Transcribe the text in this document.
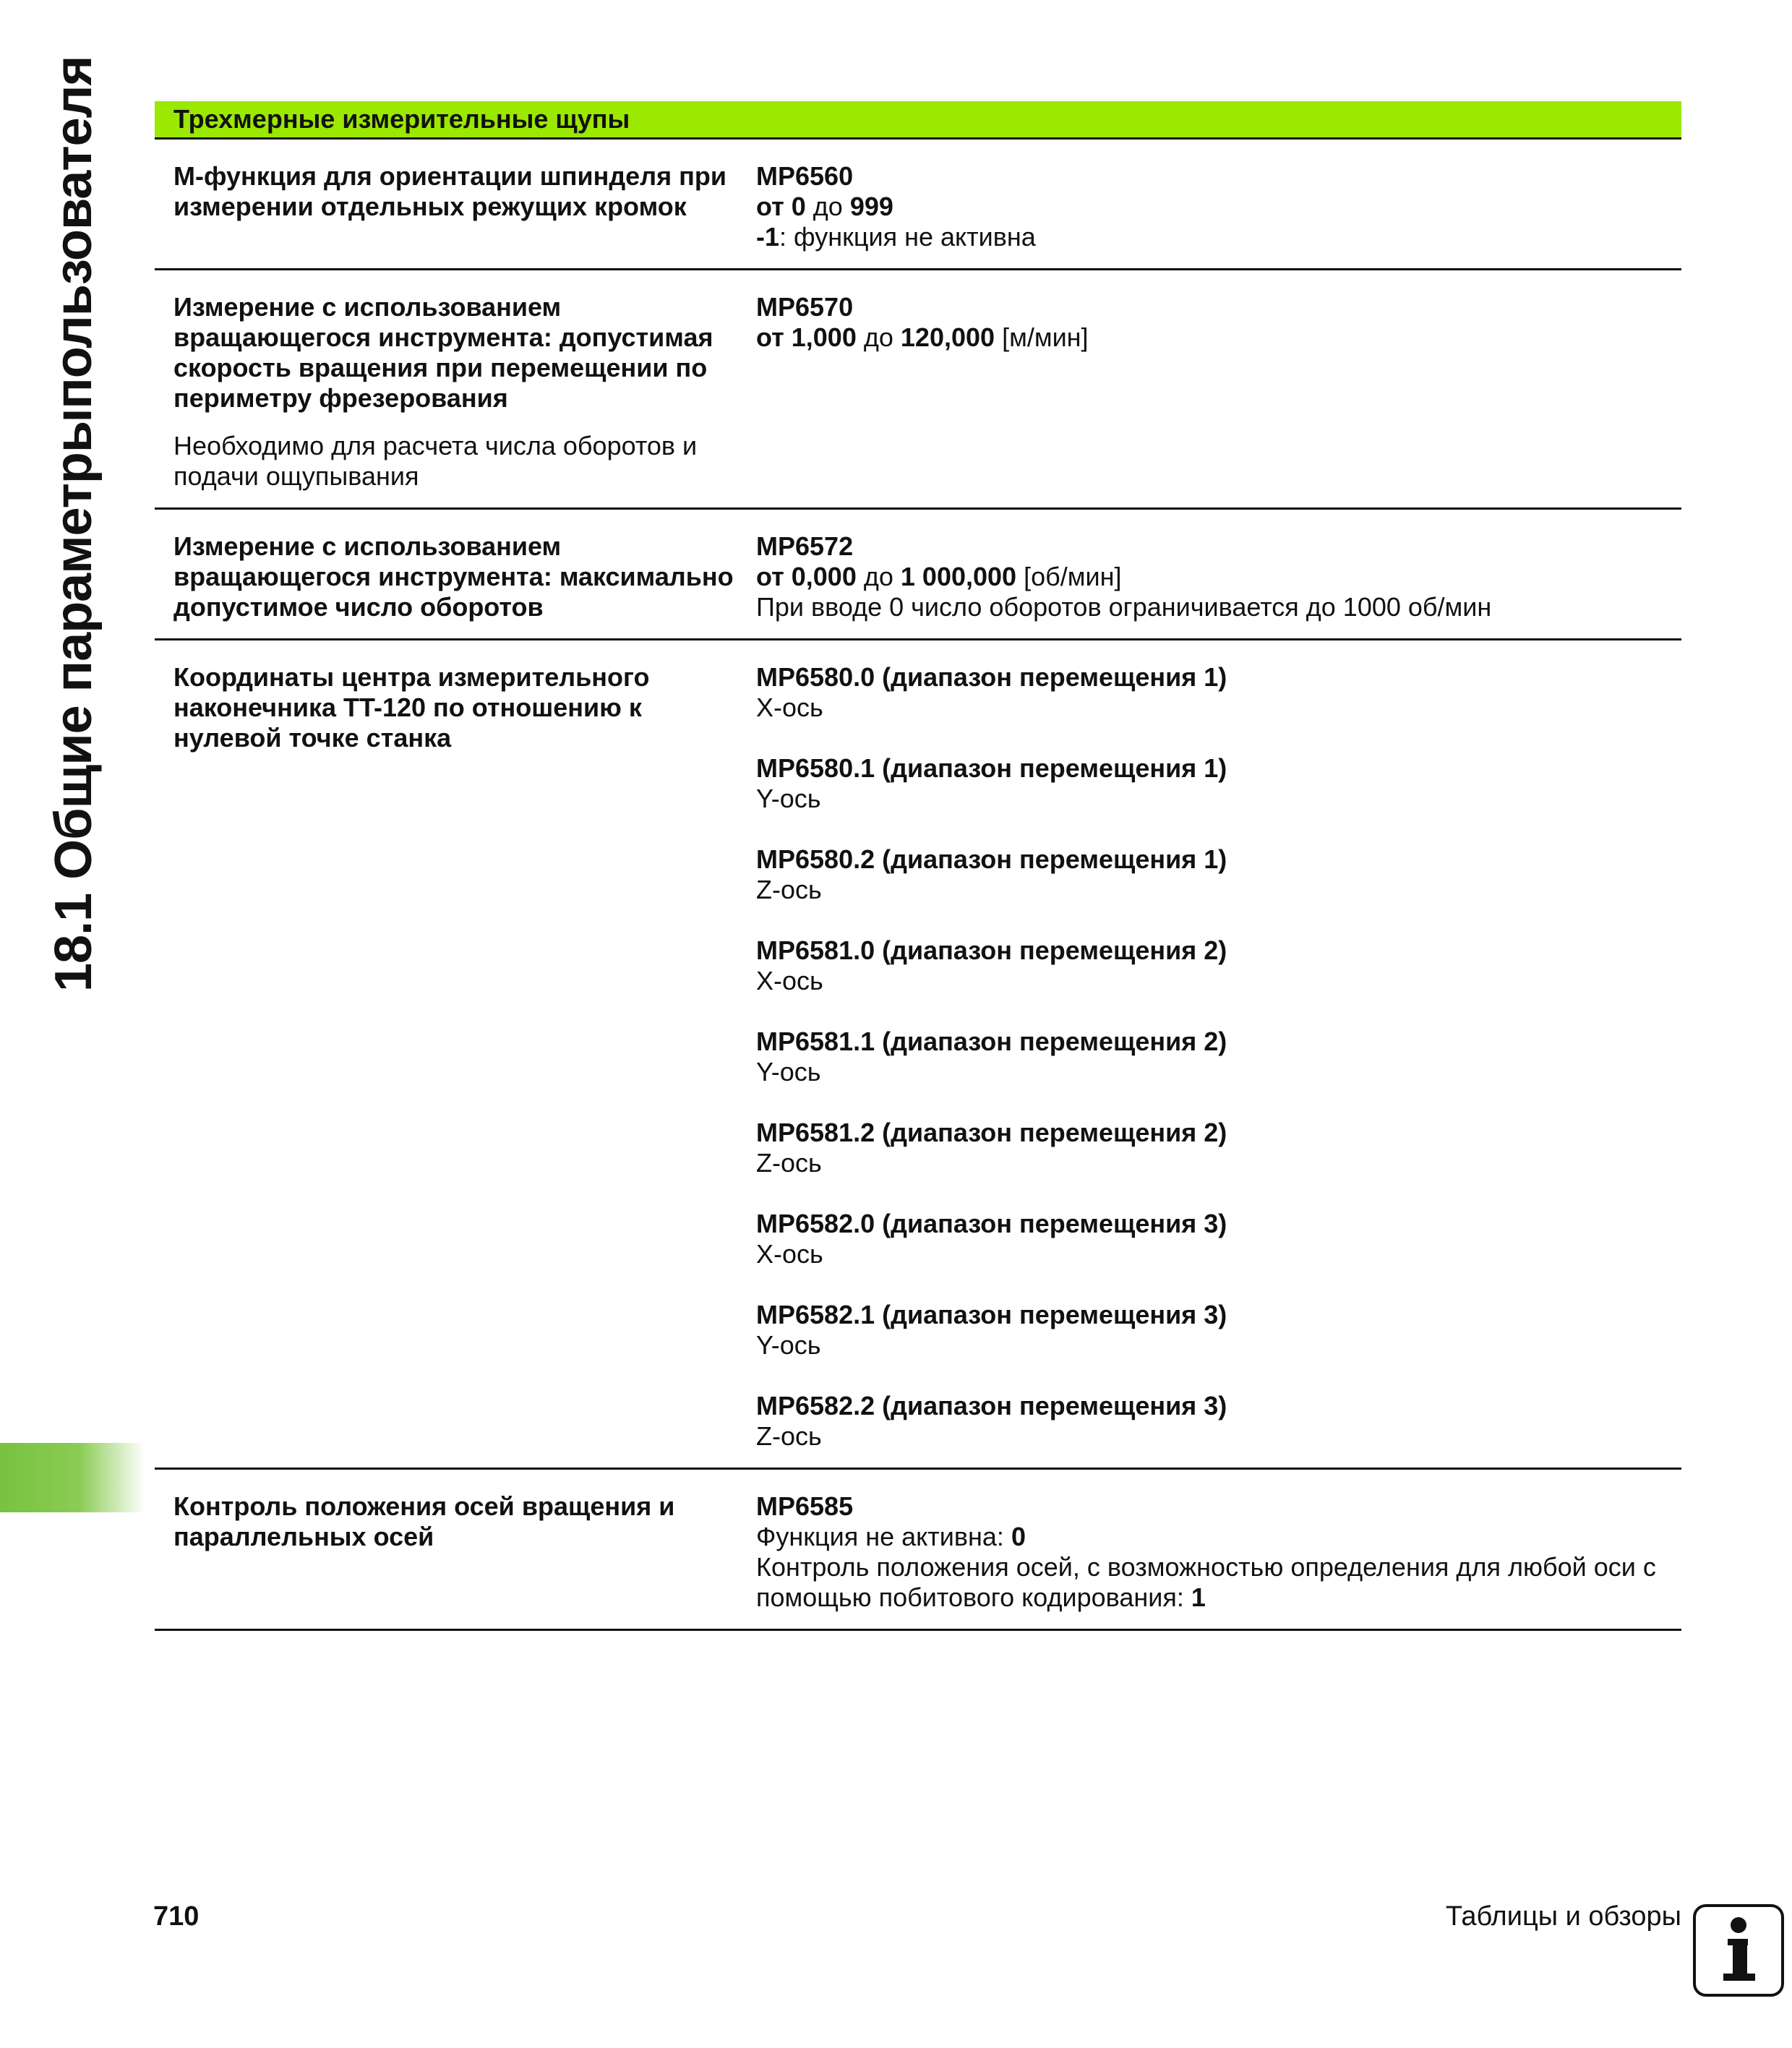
18.1 Общие параметрыпользователя	Трехмерные измерительные щупы
М-функция для ориентации шпинделя при измерении отдельных режущих кромок
MP6560
от 0 до 999
-1: функция не активна
Измерение с использованием вращающегося инструмента: допустимая скорость вращения при перемещении по периметру фрезерования
Необходимо для расчета числа оборотов и подачи ощупывания
MP6570
от 1,000 до 120,000 [м/мин]
Измерение с использованием вращающегося инструмента: максимально допустимое число оборотов
MP6572
от 0,000 до 1 000,000 [об/мин]
При вводе 0 число оборотов ограничивается до 1000 об/мин
Координаты центра измерительного наконечника TT-120 по отношению к нулевой точке станка
MP6580.0 (диапазон перемещения 1)
X-ось
MP6580.1 (диапазон перемещения 1)
Y-ось
MP6580.2 (диапазон перемещения 1)
Z-ось
MP6581.0 (диапазон перемещения 2)
X-ось
MP6581.1 (диапазон перемещения 2)
Y-ось
MP6581.2 (диапазон перемещения 2)
Z-ось
MP6582.0 (диапазон перемещения 3)
X-ось
MP6582.1 (диапазон перемещения 3)
Y-ось
MP6582.2 (диапазон перемещения 3)
Z-ось
Контроль положения осей вращения и параллельных осей
MP6585
Функция не активна: 0
Контроль положения осей, с возможностью определения для любой оси с помощью побитового кодирования: 1
710	Таблицы и обзоры
